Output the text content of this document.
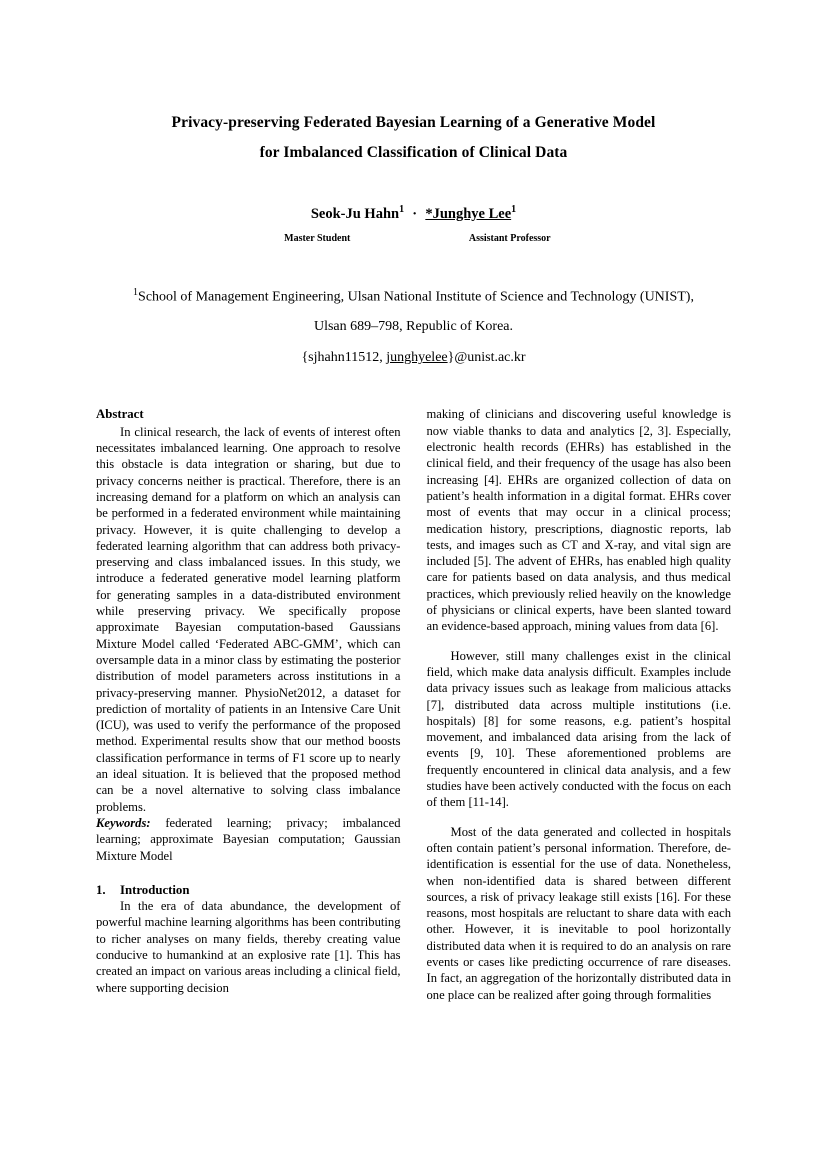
Privacy-preserving Federated Bayesian Learning of a Generative Model
for Imbalanced Classification of Clinical Data
Seok-Ju Hahn$^1$ · *Junghye Lee$^1$
Master Student	Assistant Professor
$^1$School of Management Engineering, Ulsan National Institute of Science and Technology (UNIST),
Ulsan 689–798, Republic of Korea.
{sjhahn11512, junghyelee}@unist.ac.kr
Abstract

In clinical research, the lack of events of interest often necessitates imbalanced learning. One approach to resolve this obstacle is data integration or sharing, but due to privacy concerns neither is practical. Therefore, there is an increasing demand for a platform on which an analysis can be performed in a federated environment while maintaining privacy. However, it is quite challenging to develop a federated learning algorithm that can address both privacy-preserving and class imbalanced issues. In this study, we introduce a federated generative model learning platform for generating samples in a data-distributed environment while preserving privacy. We specifically propose approximate Bayesian computation-based Gaussians Mixture Model called ‘Federated ABC-GMM’, which can oversample data in a minor class by estimating the posterior distribution of model parameters across institutions in a privacy-preserving manner. PhysioNet2012, a dataset for prediction of mortality of patients in an Intensive Care Unit (ICU), was used to verify the performance of the proposed method. Experimental results show that our method boosts classification performance in terms of F1 score up to nearly an ideal situation. It is believed that the proposed method can be a novel alternative to solving class imbalance problems.

Keywords: federated learning; privacy; imbalanced learning; approximate Bayesian computation; Gaussian Mixture Model

1. Introduction

In the era of data abundance, the development of powerful machine learning algorithms has been contributing to richer analyses on many fields, thereby creating value conducive to humankind at an explosive rate [1]. This has created an impact on various areas including a clinical field, where supporting decision

making of clinicians and discovering useful knowledge is now viable thanks to data and analytics [2, 3]. Especially, electronic health records (EHRs) has established in the clinical field, and their frequency of the usage has also been increasing [4]. EHRs are organized collection of data on patient’s health information in a digital format. EHRs cover most of events that may occur in a clinical process; medication history, prescriptions, diagnostic reports, lab tests, and images such as CT and X-ray, and vital sign are included [5]. The advent of EHRs, has enabled high quality care for patients based on data analysis, and thus medical practices, which previously relied heavily on the knowledge of physicians or clinical experts, have been slanted toward an evidence-based approach, mining values from data [6].

However, still many challenges exist in the clinical field, which make data analysis difficult. Examples include data privacy issues such as leakage from malicious attacks [7], distributed data across multiple institutions (i.e. hospitals) [8] for some reasons, e.g. patient’s hospital movement, and imbalanced data arising from the lack of events [9, 10]. These aforementioned problems are frequently encountered in clinical data analysis, and a few studies have been actively conducted with the focus on each of them [11-14].

Most of the data generated and collected in hospitals often contain patient’s personal information. Therefore, de-identification is essential for the use of data. Nonetheless, when non-identified data is shared between different sources, a risk of privacy leakage still exists [16]. For these reasons, most hospitals are reluctant to share data with each other. However, it is inevitable to pool horizontally distributed data when it is required to do an analysis on rare events or cases like predicting occurrence of rare diseases. In fact, an aggregation of the horizontally distributed data in one place can be realized after going through formalities
